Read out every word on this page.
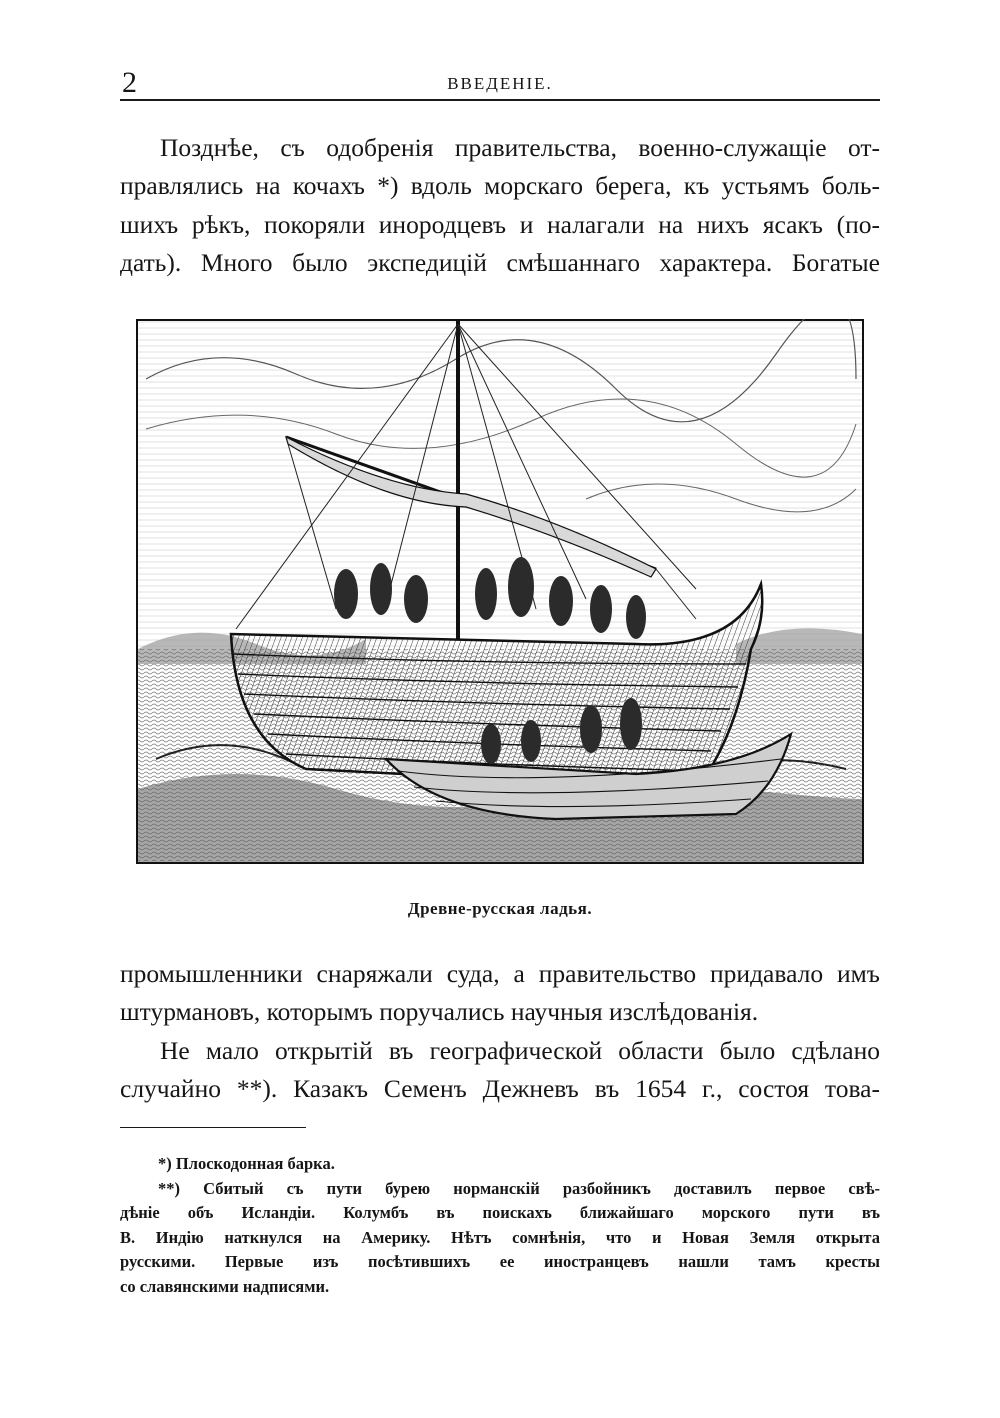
2	ВВЕДЕНІЕ.

Позднѣе, съ одобренія правительства, военно-служащіе от-
правлялись на кочахъ *) вдоль морскаго берега, къ устьямъ боль-
шихъ рѣкъ, покоряли инородцевъ и налагали на нихъ ясакъ (по-
дать). Много было экспедицій смѣшаннаго характера. Богатые

Древне-русская ладья.

промышленники снаряжали суда, а правительство придавало имъ
штурмановъ, которымъ поручались научныя изслѣдованія.

Не мало открытій въ географической области было сдѣлано
случайно **). Казакъ Семенъ Дежневъ въ 1654 г., состоя това-

*) Плоскодонная барка.
**) Сбитый съ пути бурею норманскій разбойникъ доставилъ первое свѣ-
дѣніе объ Исландіи. Колумбъ въ поискахъ ближайшаго морского пути въ
В. Индію наткнулся на Америку. Нѣтъ сомнѣнія, что и Новая Земля открыта
русскими. Первые изъ посѣтившихъ ее иностранцевъ нашли тамъ кресты
со славянскими надписями.
